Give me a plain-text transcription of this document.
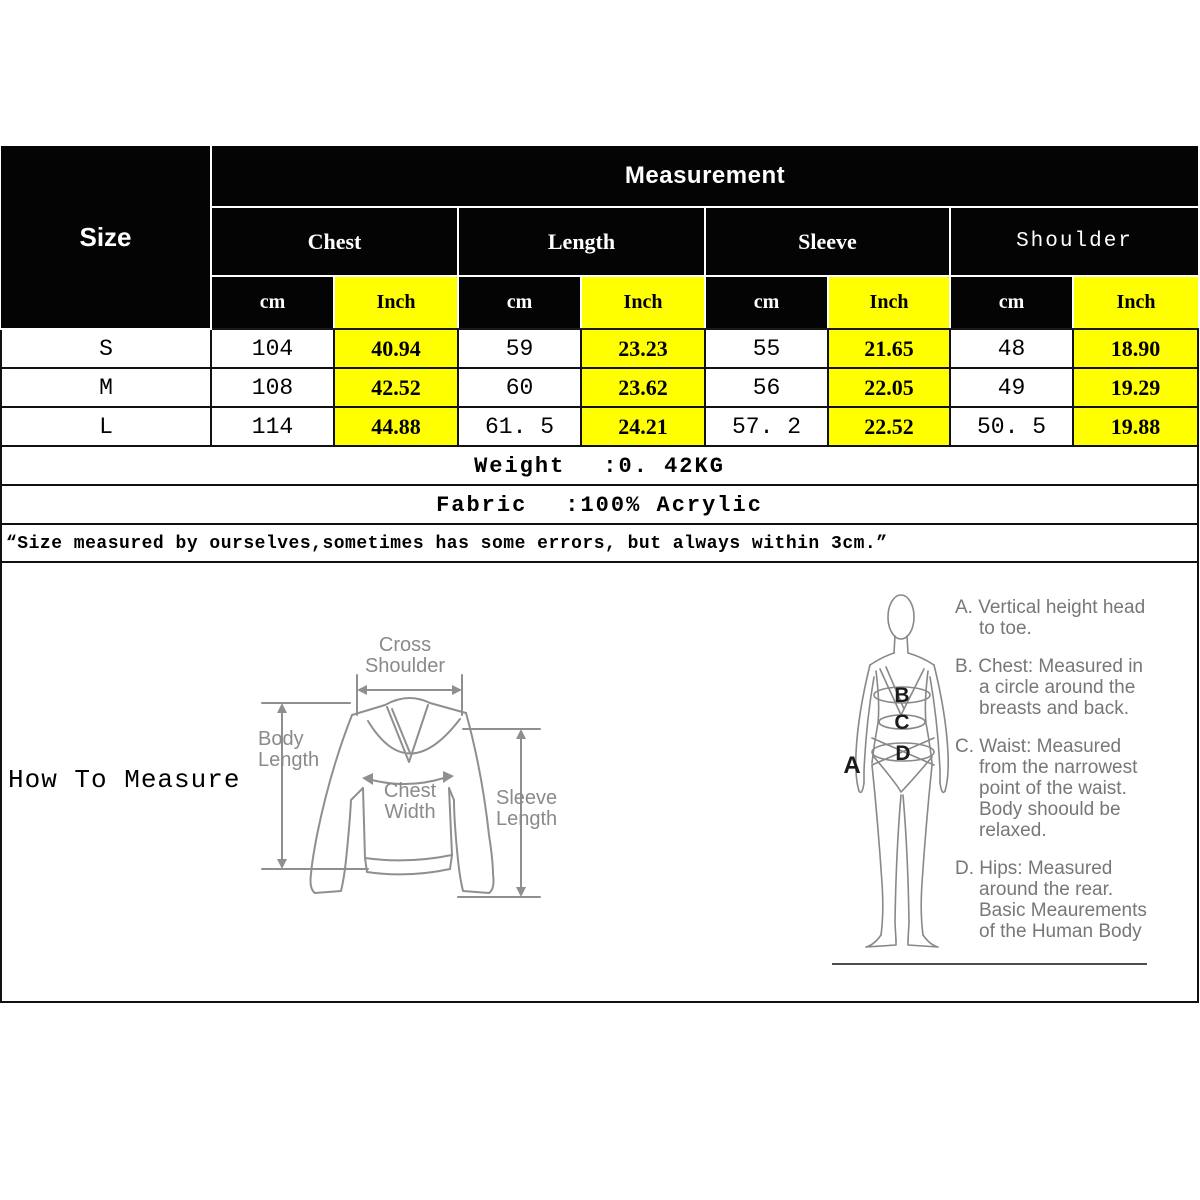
Size	Measurement							
	Chest		Length		Sleeve		Shoulder	
	cm	Inch	cm	Inch	cm	Inch	cm	Inch
S	104	40.94	59	23.23	55	21.65	48	18.90
M	108	42.52	60	23.62	56	22.05	49	19.29
L	114	44.88	61. 5	24.21	57. 2	22.52	50. 5	19.88
Weight :0. 42KG								
Fabric :100% Acrylic								
“Size measured by ourselves,sometimes has some errors, but always within 3cm.”								
How To Measure
Cross Shoulder
Body Length
Chest Width
Sleeve Length
A
B
C
D
A. Vertical height head to toe.
B. Chest: Measured in a circle around the breasts and back.
C. Waist: Measured from the narrowest point of the waist. Body shoould be relaxed.
D. Hips: Measured around the rear. Basic Meaurements of the Human Body
